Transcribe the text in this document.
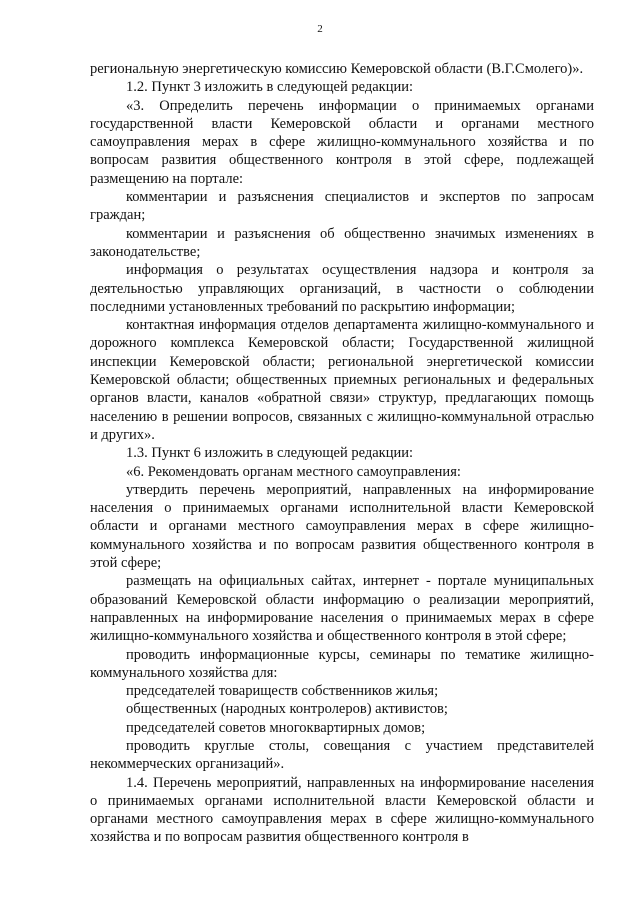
2

региональную энергетическую комиссию Кемеровской области (В.Г.Смолего)».

1.2. Пункт 3 изложить в следующей редакции:

«3. Определить перечень информации о принимаемых органами государственной власти Кемеровской области и органами местного самоуправления мерах в сфере жилищно-коммунального хозяйства и по вопросам развития общественного контроля в этой сфере, подлежащей размещению на портале:

комментарии и разъяснения специалистов и экспертов по запросам граждан;

комментарии и разъяснения об общественно значимых изменениях в законодательстве;

информация о результатах осуществления надзора и контроля за деятельностью управляющих организаций, в частности о соблюдении последними установленных требований по раскрытию информации;

контактная информация отделов департамента жилищно-коммунального и дорожного комплекса Кемеровской области; Государственной жилищной инспекции Кемеровской области; региональной энергетической комиссии Кемеровской области; общественных приемных региональных и федеральных органов власти, каналов «обратной связи» структур, предлагающих помощь населению в решении вопросов, связанных с жилищно-коммунальной отраслью и других».

1.3. Пункт 6 изложить в следующей редакции:

«6. Рекомендовать органам местного самоуправления:

утвердить перечень мероприятий, направленных на информирование населения о принимаемых органами исполнительной власти Кемеровской области и органами местного самоуправления мерах в сфере жилищно-коммунального хозяйства и по вопросам развития общественного контроля в этой сфере;

размещать на официальных сайтах, интернет - портале муниципальных образований Кемеровской области информацию о реализации мероприятий, направленных на информирование населения о принимаемых мерах в сфере жилищно-коммунального хозяйства и общественного контроля в этой сфере;

проводить информационные курсы, семинары по тематике жилищно-коммунального хозяйства для:

председателей товариществ собственников жилья;

общественных (народных контролеров) активистов;

председателей советов многоквартирных домов;

проводить круглые столы, совещания с участием представителей некоммерческих организаций».

1.4. Перечень мероприятий, направленных на информирование населения о принимаемых органами исполнительной власти Кемеровской области и органами местного самоуправления мерах в сфере жилищно-коммунального хозяйства и по вопросам развития общественного контроля в
